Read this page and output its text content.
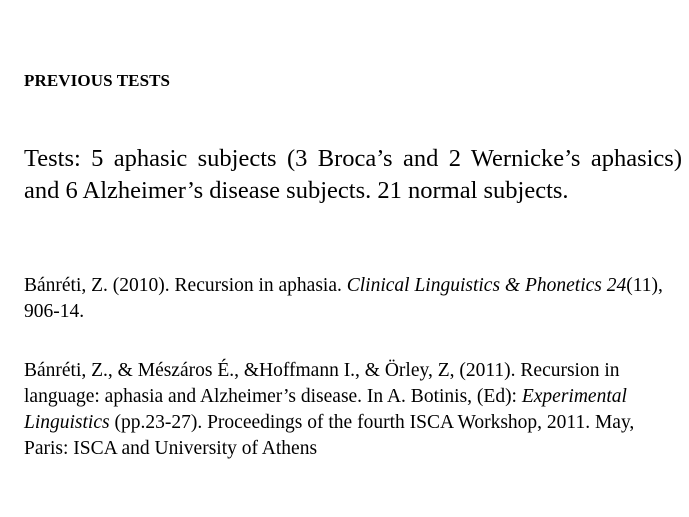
PREVIOUS TESTS
Tests: 5 aphasic subjects (3 Broca’s and 2 Wernicke’s aphasics) and 6 Alzheimer’s disease subjects. 21 normal subjects.
Bánréti, Z. (2010). Recursion in aphasia. Clinical Linguistics & Phonetics 24(11), 906-14.
Bánréti, Z., & Mészáros É., &Hoffmann I., & Örley, Z, (2011). Recursion in language: aphasia and Alzheimer’s disease. In A. Botinis, (Ed): Experimental Linguistics (pp.23-27). Proceedings of the fourth ISCA Workshop, 2011. May, Paris: ISCA and University of Athens
